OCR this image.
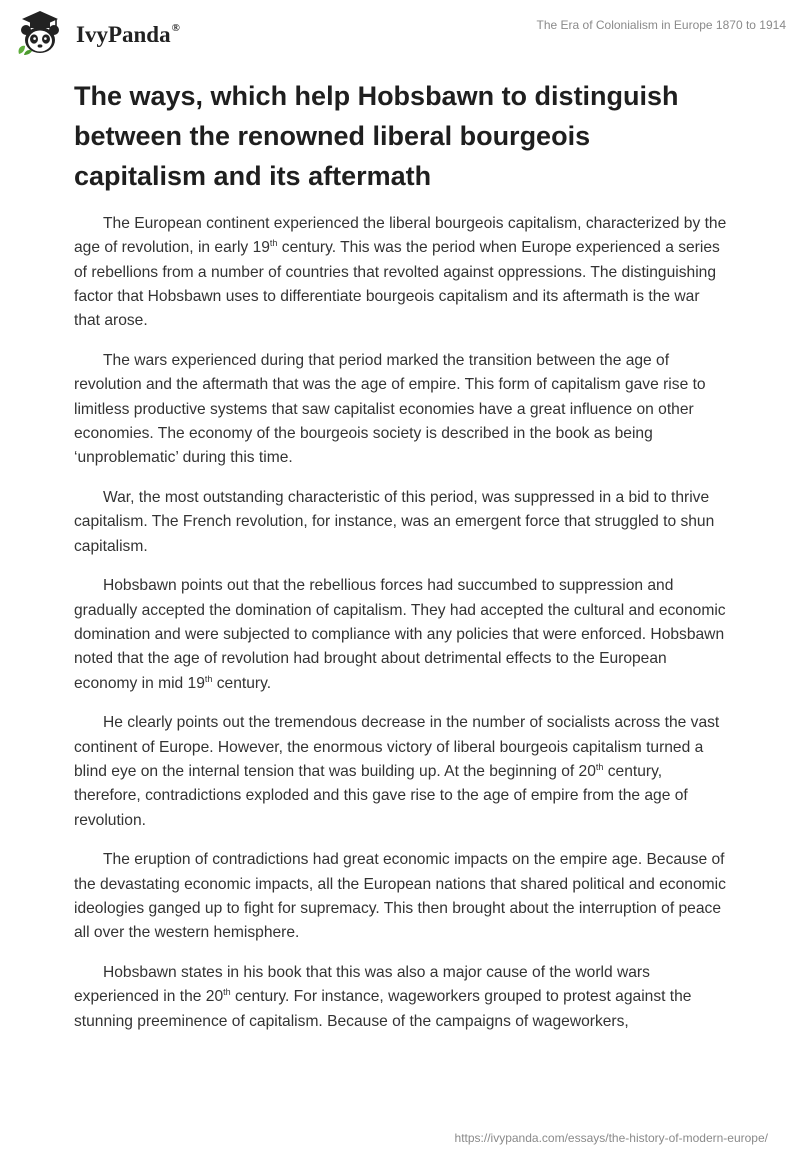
IvyPanda®	The Era of Colonialism in Europe 1870 to 1914
The ways, which help Hobsbawn to distinguish between the renowned liberal bourgeois capitalism and its aftermath

The European continent experienced the liberal bourgeois capitalism, characterized by the age of revolution, in early 19th century. This was the period when Europe experienced a series of rebellions from a number of countries that revolted against oppressions. The distinguishing factor that Hobsbawn uses to differentiate bourgeois capitalism and its aftermath is the war that arose.

The wars experienced during that period marked the transition between the age of revolution and the aftermath that was the age of empire. This form of capitalism gave rise to limitless productive systems that saw capitalist economies have a great influence on other economies. The economy of the bourgeois society is described in the book as being ‘unproblematic’ during this time.

War, the most outstanding characteristic of this period, was suppressed in a bid to thrive capitalism. The French revolution, for instance, was an emergent force that struggled to shun capitalism.

Hobsbawn points out that the rebellious forces had succumbed to suppression and gradually accepted the domination of capitalism. They had accepted the cultural and economic domination and were subjected to compliance with any policies that were enforced. Hobsbawn noted that the age of revolution had brought about detrimental effects to the European economy in mid 19th century.

He clearly points out the tremendous decrease in the number of socialists across the vast continent of Europe. However, the enormous victory of liberal bourgeois capitalism turned a blind eye on the internal tension that was building up. At the beginning of 20th century, therefore, contradictions exploded and this gave rise to the age of empire from the age of revolution.

The eruption of contradictions had great economic impacts on the empire age. Because of the devastating economic impacts, all the European nations that shared political and economic ideologies ganged up to fight for supremacy. This then brought about the interruption of peace all over the western hemisphere.

Hobsbawn states in his book that this was also a major cause of the world wars experienced in the 20th century. For instance, wageworkers grouped to protest against the stunning preeminence of capitalism. Because of the campaigns of wageworkers,

https://ivypanda.com/essays/the-history-of-modern-europe/
